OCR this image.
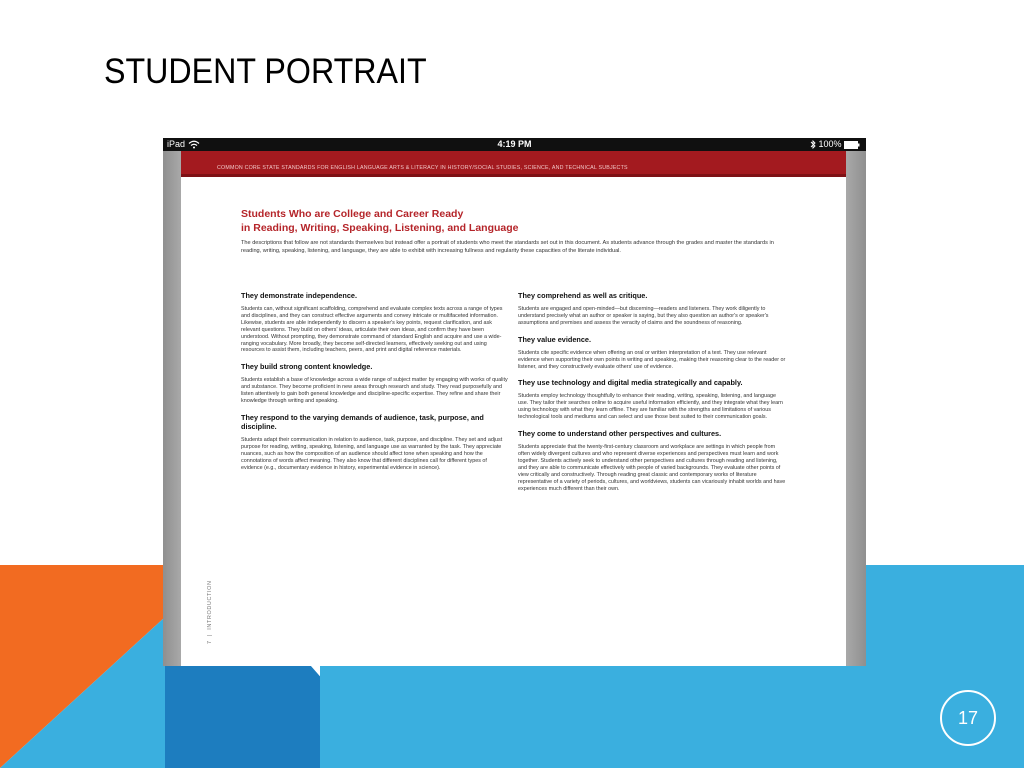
STUDENT PORTRAIT
iPad	4:19 PM	100%
COMMON CORE STATE STANDARDS FOR ENGLISH LANGUAGE ARTS & LITERACY IN HISTORY/SOCIAL STUDIES, SCIENCE, AND TECHNICAL SUBJECTS
Students Who are College and Career Ready
in Reading, Writing, Speaking, Listening, and Language

The descriptions that follow are not standards themselves but instead offer a portrait of students who meet the standards set out in this document. As students advance through the grades and master the standards in reading, writing, speaking, listening, and language, they are able to exhibit with increasing fullness and regularity these capacities of the literate individual.

They demonstrate independence.

Students can, without significant scaffolding, comprehend and evaluate complex texts across a range of types and disciplines, and they can construct effective arguments and convey intricate or multifaceted information. Likewise, students are able independently to discern a speaker's key points, request clarification, and ask relevant questions. They build on others' ideas, articulate their own ideas, and confirm they have been understood. Without prompting, they demonstrate command of standard English and acquire and use a wide-ranging vocabulary. More broadly, they become self-directed learners, effectively seeking out and using resources to assist them, including teachers, peers, and print and digital reference materials.

They build strong content knowledge.

Students establish a base of knowledge across a wide range of subject matter by engaging with works of quality and substance. They become proficient in new areas through research and study. They read purposefully and listen attentively to gain both general knowledge and discipline-specific expertise. They refine and share their knowledge through writing and speaking.

They respond to the varying demands of audience, task, purpose, and discipline.

Students adapt their communication in relation to audience, task, purpose, and discipline. They set and adjust purpose for reading, writing, speaking, listening, and language use as warranted by the task. They appreciate nuances, such as how the composition of an audience should affect tone when speaking and how the connotations of words affect meaning. They also know that different disciplines call for different types of evidence (e.g., documentary evidence in history, experimental evidence in science).

They comprehend as well as critique.

Students are engaged and open-minded—but discerning—readers and listeners. They work diligently to understand precisely what an author or speaker is saying, but they also question an author's or speaker's assumptions and premises and assess the veracity of claims and the soundness of reasoning.

They value evidence.

Students cite specific evidence when offering an oral or written interpretation of a text. They use relevant evidence when supporting their own points in writing and speaking, making their reasoning clear to the reader or listener, and they constructively evaluate others' use of evidence.

They use technology and digital media strategically and capably.

Students employ technology thoughtfully to enhance their reading, writing, speaking, listening, and language use. They tailor their searches online to acquire useful information efficiently, and they integrate what they learn using technology with what they learn offline. They are familiar with the strengths and limitations of various technological tools and mediums and can select and use those best suited to their communication goals.

They come to understand other perspectives and cultures.

Students appreciate that the twenty-first-century classroom and workplace are settings in which people from often widely divergent cultures and who represent diverse experiences and perspectives must learn and work together. Students actively seek to understand other perspectives and cultures through reading and listening, and they are able to communicate effectively with people of varied backgrounds. They evaluate other points of view critically and constructively. Through reading great classic and contemporary works of literature representative of a variety of periods, cultures, and worldviews, students can vicariously inhabit worlds and have experiences much different than their own.

7  |  INTRODUCTION
17
